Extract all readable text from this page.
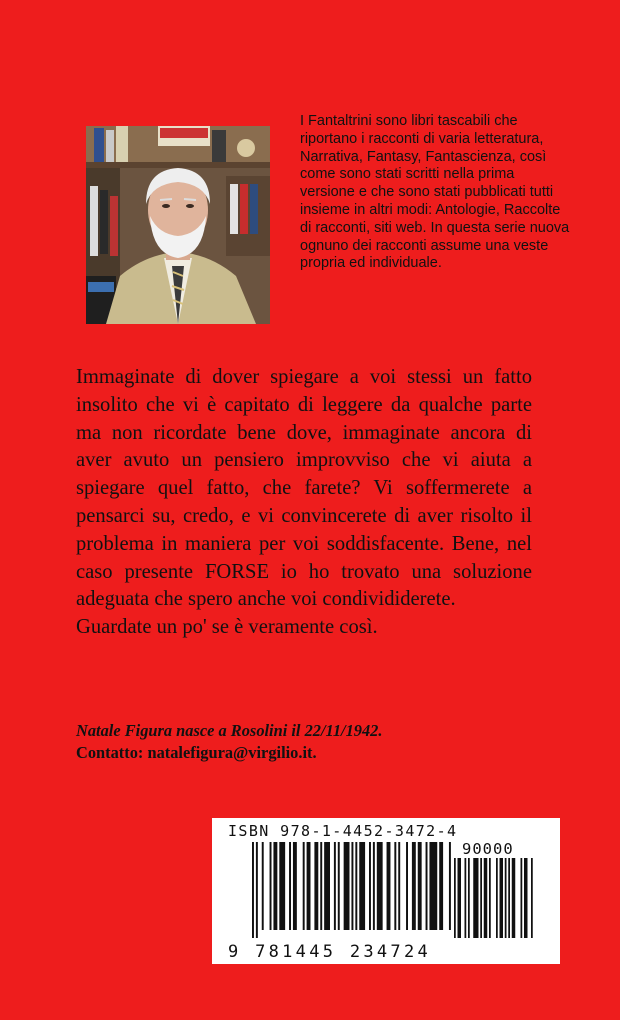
I Fantaltrini sono libri tascabili che riportano i racconti di varia letteratura, Narrativa, Fantasy, Fantascienza, così come sono stati scritti nella prima versione e che sono stati pubblicati tutti insieme in altri modi: Antologie, Raccolte di racconti, siti web. In questa serie nuova ognuno dei racconti assume una veste propria ed individuale.

Immaginate di dover spiegare a voi stessi un fatto insolito che vi è capitato di leggere da qualche parte ma non ricordate bene dove, immaginate ancora di aver avuto un pensiero improvviso che vi aiuta a spiegare quel fatto, che farete? Vi soffermerete a pensarci su, credo, e vi convincerete di aver risolto il problema in maniera per voi soddisfacente. Bene, nel caso presente FORSE io ho trovato una soluzione adeguata che spero anche voi condivididerete.

Guardate un po' se è veramente così.

Natale Figura nasce a Rosolini il 22/11/1942.
Contatto: natalefigura@virgilio.it.
ISBN 978-1-4452-3472-4
90000
9 781445 234724
